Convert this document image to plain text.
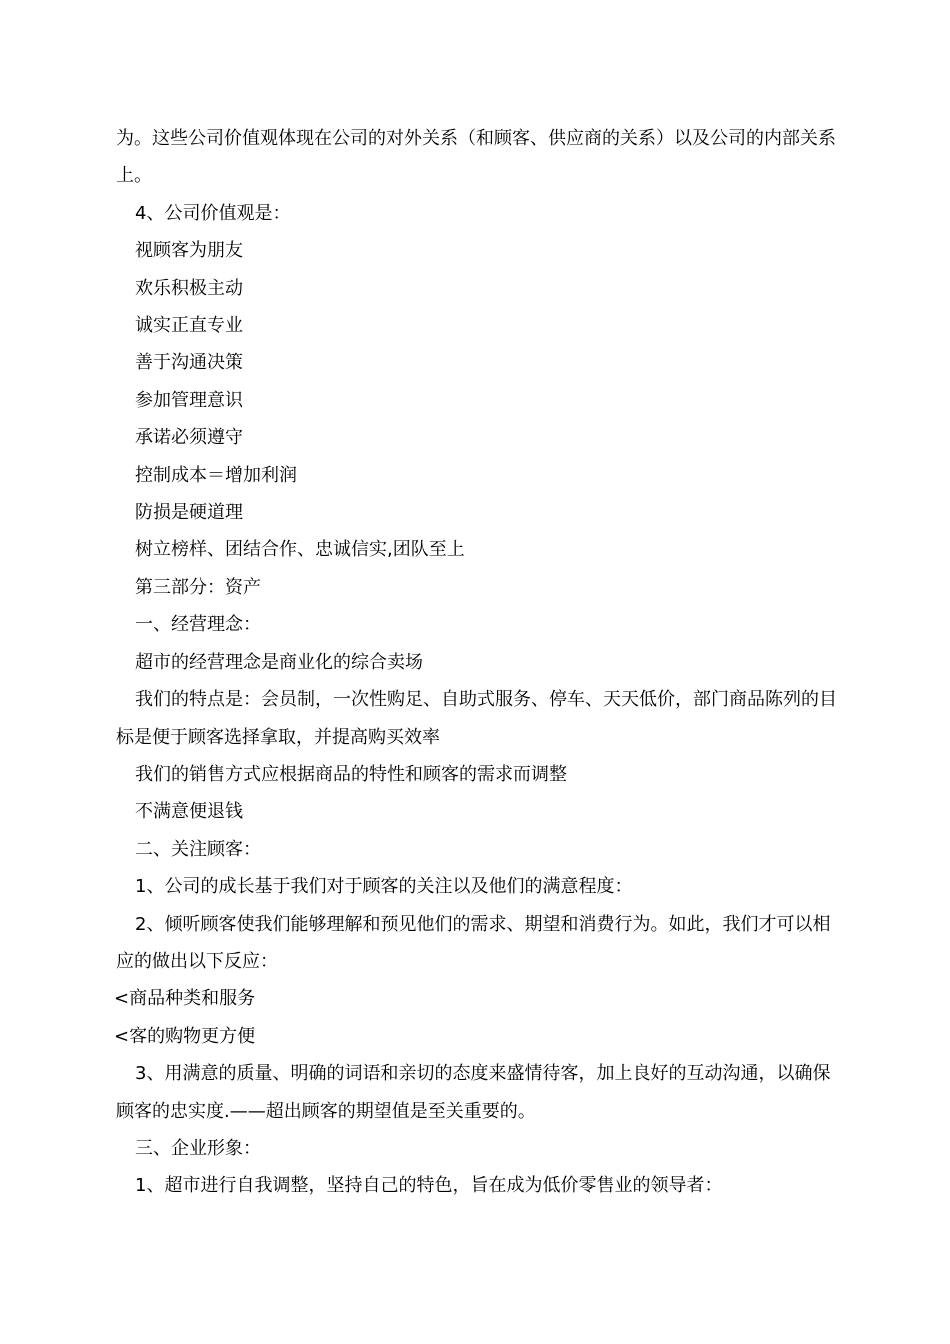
为。这些公司价值观体现在公司的对外关系（和顾客、供应商的关系）以及公司的内部关系上。

4、公司价值观是：

视顾客为朋友

欢乐积极主动

诚实正直专业

善于沟通决策

参加管理意识

承诺必须遵守

控制成本＝增加利润

防损是硬道理

树立榜样、团结合作、忠诚信实,团队至上

第三部分：资产

一、经营理念：

超市的经营理念是商业化的综合卖场

我们的特点是：会员制，一次性购足、自助式服务、停车、天天低价，部门商品陈列的目标是便于顾客选择拿取，并提高购买效率

我们的销售方式应根据商品的特性和顾客的需求而调整

不满意便退钱

二、关注顾客：

1、公司的成长基于我们对于顾客的关注以及他们的满意程度：

2、倾听顾客使我们能够理解和预见他们的需求、期望和消费行为。如此，我们才可以相应的做出以下反应：

<商品种类和服务

<客的购物更方便

3、用满意的质量、明确的词语和亲切的态度来盛情待客，加上良好的互动沟通，以确保顾客的忠实度.——超出顾客的期望值是至关重要的。

三、企业形象：

1、超市进行自我调整，坚持自己的特色，旨在成为低价零售业的领导者：
